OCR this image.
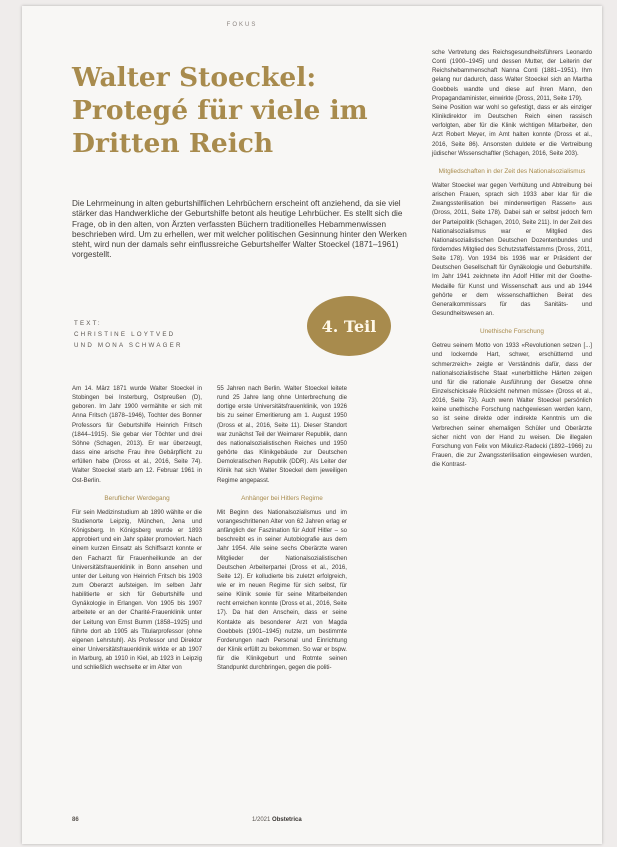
FOKUS
Walter Stoeckel: Protegé für viele im Dritten Reich

Die Lehrmeinung in alten geburtshilflichen Lehrbüchern erscheint oft anziehend, da sie viel stärker das Handwerkliche der Geburtshilfe betont als heutige Lehrbücher. Es stellt sich die Frage, ob in den alten, von Ärzten verfassten Büchern traditionelles Hebammenwissen beschrieben wird. Um zu erhellen, wer mit welcher politischen Gesinnung hinter den Werken steht, wird nun der damals sehr einflussreiche Geburtshelfer Walter Stoeckel (1871–1961) vorgestellt.

TEXT:
CHRISTINE LOYTVED
UND MONA SCHWAGER
4. Teil

Am 14. März 1871 wurde Walter Stoeckel in Stobingen bei Insterburg, Ostpreußen (D), geboren. Im Jahr 1900 vermählte er sich mit Anna Fritsch (1878–1946), Tochter des Bonner Professors für Geburtshilfe Heinrich Fritsch (1844–1915). Sie gebar vier Töchter und drei Söhne (Schagen, 2013). Er war überzeugt, dass eine arische Frau ihre Gebärpflicht zu erfüllen habe (Dross et al., 2016, Seite 74). Walter Stoeckel starb am 12. Februar 1961 in Ost-Berlin.

Beruflicher Werdegang

Für sein Medizinstudium ab 1890 wählte er die Studienorte Leipzig, München, Jena und Königsberg. In Königsberg wurde er 1893 approbiert und ein Jahr später promoviert. Nach einem kurzen Einsatz als Schiffsarzt konnte er den Facharzt für Frauenheilkunde an der Universitätsfrauenklinik in Bonn ansehen und unter der Leitung von Heinrich Fritsch bis 1903 zum Oberarzt aufsteigen. Im selben Jahr habilitierte er sich für Geburtshilfe und Gynäkologie in Erlangen. Von 1905 bis 1907 arbeitete er an der Charité-Frauenklinik unter der Leitung von Ernst Bumm (1858–1925) und führte dort ab 1905 als Titularprofessor (ohne eigenen Lehrstuhl). Als Professor und Direktor einer Universitätsfrauenklinik wirkte er ab 1907 in Marburg, ab 1910 in Kiel, ab 1923 in Leipzig und schließlich wechselte er im Alter von

55 Jahren nach Berlin. Walter Stoeckel leitete rund 25 Jahre lang ohne Unterbrechung die dortige erste Universitätsfrauenklinik, von 1926 bis zu seiner Emeritierung am 1. August 1950 (Dross et al., 2016, Seite 11). Dieser Standort war zunächst Teil der Weimarer Republik, dann des nationalsozialistischen Reiches und 1950 gehörte das Klinikgebäude zur Deutschen Demokratischen Republik (DDR). Als Leiter der Klinik hat sich Walter Stoeckel dem jeweiligen Regime angepasst.

Anhänger bei Hitlers Regime

Mit Beginn des Nationalsozialismus und im vorangeschrittenen Alter von 62 Jahren erlag er anfänglich der Faszination für Adolf Hitler – so beschreibt es in seiner Autobiografie aus dem Jahr 1954. Alle seine sechs Oberärzte waren Mitglieder der Nationalsozialistischen Deutschen Arbeiterpartei (Dross et al., 2016, Seite 12). Er kolludierte bis zuletzt erfolgreich, wie er im neuen Regime für sich selbst, für seine Klinik sowie für seine Mitarbeitenden recht erreichen konnte (Dross et al., 2016, Seite 17). Da hat den Anschein, dass er seine Kontakte als besonderer Arzt von Magda Goebbels (1901–1945) nutzte, um bestimmte Forderungen nach Personal und Einrichtung der Klinik erfüllt zu bekommen. So war er bspw. für die Klinikgeburt und Rotmte seinen Standpunkt durchbringen, gegen die politi-

sche Vertretung des Reichsgesundheitsführers Leonardo Conti (1900–1945) und dessen Mutter, der Leiterin der Reichshebammenschaft Nanna Conti (1881–1951). Ihm gelang nur dadurch, dass Walter Stoeckel sich an Martha Goebbels wandte und diese auf ihren Mann, den Propagandaminister, einwirkte (Dross, 2011, Seite 179).

Seine Position war wohl so gefestigt, dass er als einziger Klinikdirektor im Deutschen Reich einen rassisch verfolgten, aber für die Klinik wichtigen Mitarbeiter, den Arzt Robert Meyer, im Amt halten konnte (Dross et al., 2016, Seite 86). Ansonsten duldete er die Vertreibung jüdischer Wissenschaftler (Schagen, 2016, Seite 203).

Mitgliedschaften in der Zeit des Nationalsozialismus

Walter Stoeckel war gegen Verhütung und Abtreibung bei arischen Frauen, sprach sich 1933 aber klar für die Zwangssterilisation bei minderwertigen Rassen» aus (Dross, 2011, Seite 178). Dabei sah er selbst jedoch fern der Parteipolitik (Schagen, 2010, Seite 211). In der Zeit des Nationalsozialismus war er Mitglied des Nationalsozialistischen Deutschen Dozentenbundes und förderndes Mitglied des Schutzstaffelstamms (Dross, 2011, Seite 178). Von 1934 bis 1936 war er Präsident der Deutschen Gesellschaft für Gynäkologie und Geburtshilfe. Im Jahr 1941 zeichnete ihn Adolf Hitler mit der Goethe-Medaille für Kunst und Wissenschaft aus und ab 1944 gehörte er dem wissenschaftlichen Beirat des Generalkommissars für das Sanitäts- und Gesundheitswesen an.

Unethische Forschung

Getreu seinem Motto von 1933 «Revolutionen setzen [...] und lockernde Hart, schwer, erschütternd und schmerzreich» zeigte er Verständnis dafür, dass der nationalsozialistische Staat «unerbittliche Härten zeigen und für die rationale Ausführung der Gesetze ohne Einzelschicksale Rücksicht nehmen müsse» (Dross et al., 2016, Seite 73). Auch wenn Walter Stoeckel persönlich keine unethische Forschung nachgewiesen werden kann, so ist seine direkte oder indirekte Kenntnis um die Verbrechen seiner ehemaligen Schüler und Oberärzte sicher nicht von der Hand zu weisen. Die illegalen Forschung von Felix von Mikulicz-Radecki (1892–1966) zu Frauen, die zur Zwangssterilisation eingewiesen wurden, die Kontrast-

86	1/2021 Obstetrica
